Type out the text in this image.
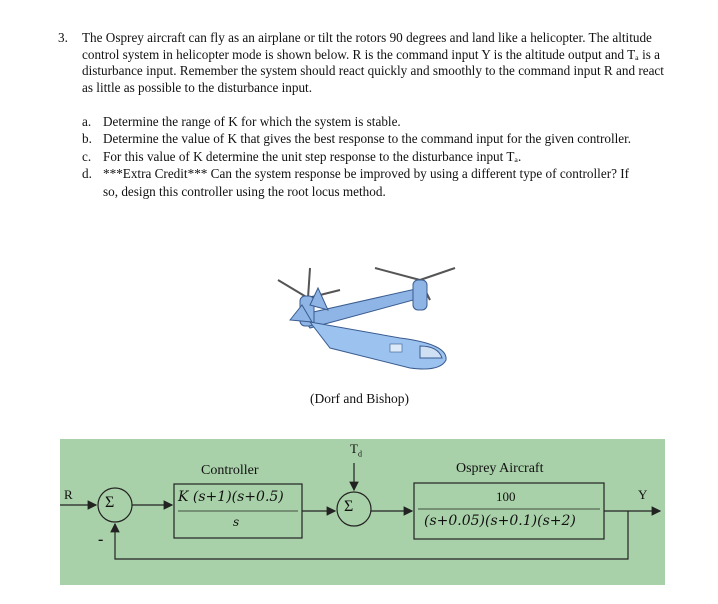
3. The Osprey aircraft can fly as an airplane or tilt the rotors 90 degrees and land like a helicopter. The altitude control system in helicopter mode is shown below. R is the command input Y is the altitude output and Tₐ is a disturbance input. Remember the system should react quickly and smoothly to the command input R and react as little as possible to the disturbance input.
a. Determine the range of K for which the system is stable.
b. Determine the value of K that gives the best response to the command input for the given controller.
c. For this value of K determine the unit step response to the disturbance input Tₐ.
d. ***Extra Credit*** Can the system response be improved by using a different type of controller? If so, design this controller using the root locus method.
(Dorf and Bishop)
R	Y
Σ	Σ
-
$T_d$
Controller
K (s+1)(s+0.5)
s
Osprey Aircraft
100
(s+0.05)(s+0.1)(s+2)
